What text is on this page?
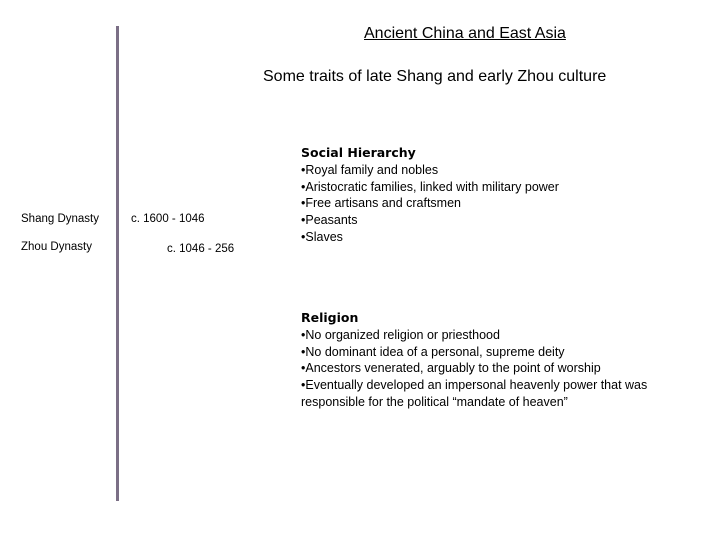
Ancient China and East Asia
Some traits of late Shang and early Zhou culture
Shang Dynasty	c. 1600 - 1046
Zhou Dynasty	c. 1046 - 256
Social Hierarchy
•Royal family and nobles
•Aristocratic families, linked with military power
•Free artisans and craftsmen
•Peasants
•Slaves
Religion
•No organized religion or priesthood
•No dominant idea of a personal, supreme deity
•Ancestors venerated, arguably to the point of worship
•Eventually developed an impersonal heavenly power that was responsible for the political “mandate of heaven”
